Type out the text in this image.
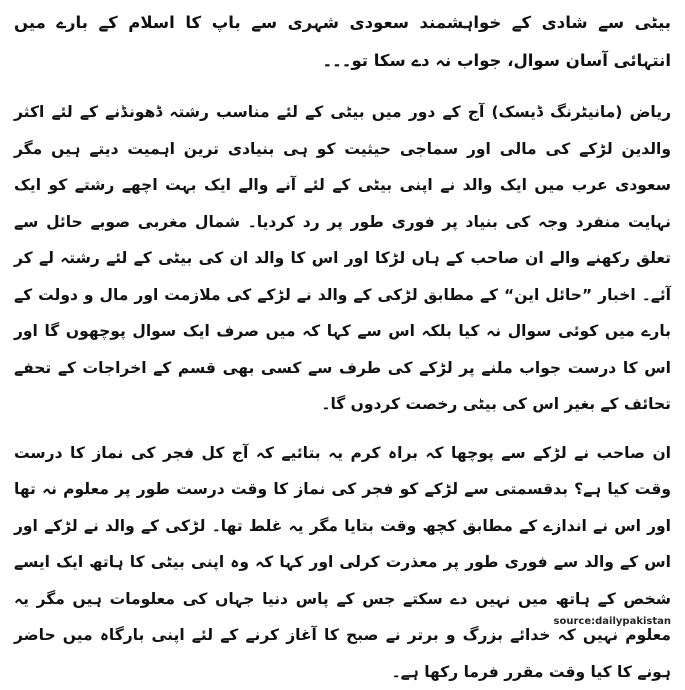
بیٹی سے شادی کے خواہشمند سعودی شہری سے باپ کا اسلام کے بارے میں انتہائی آسان سوال، جواب نہ دے سکا تو۔۔۔

ریاض (مانیٹرنگ ڈیسک) آج کے دور میں بیٹی کے لئے مناسب رشتہ ڈھونڈنے کے لئے اکثر والدین لڑکے کی مالی اور سماجی حیثیت کو ہی بنیادی ترین اہمیت دیتے ہیں مگر سعودی عرب میں ایک والد نے اپنی بیٹی کے لئے آنے والے ایک بہت اچھے رشتے کو ایک نہایت منفرد وجہ کی بنیاد پر فوری طور پر رد کردیا۔ شمال مغربی صوبے حائل سے تعلق رکھنے والے ان صاحب کے ہاں لڑکا اور اس کا والد ان کی بیٹی کے لئے رشتہ لے کر آئے۔ اخبار ”حائل این“ کے مطابق لڑکی کے والد نے لڑکے کی ملازمت اور مال و دولت کے بارے میں کوئی سوال نہ کیا بلکہ اس سے کہا کہ میں صرف ایک سوال پوچھوں گا اور اس کا درست جواب ملنے پر لڑکے کی طرف سے کسی بھی قسم کے اخراجات کے تحفے تحائف کے بغیر اس کی بیٹی رخصت کردوں گا۔

ان صاحب نے لڑکے سے پوچھا کہ براہ کرم یہ بتائیے کہ آج کل فجر کی نماز کا درست وقت کیا ہے؟ بدقسمتی سے لڑکے کو فجر کی نماز کا وقت درست طور پر معلوم نہ تھا اور اس نے اندازے کے مطابق کچھ وقت بتایا مگر یہ غلط تھا۔ لڑکی کے والد نے لڑکے اور اس کے والد سے فوری طور پر معذرت کرلی اور کہا کہ وہ اپنی بیٹی کا ہاتھ ایک ایسے شخص کے ہاتھ میں نہیں دے سکتے جس کے پاس دنیا جہاں کی معلومات ہیں مگر یہ معلوم نہیں کہ خدائے بزرگ و برتر نے صبح کا آغاز کرنے کے لئے اپنی بارگاہ میں حاضر ہونے کا کیا وقت مقرر فرما رکھا ہے۔

source:dailypakistan
